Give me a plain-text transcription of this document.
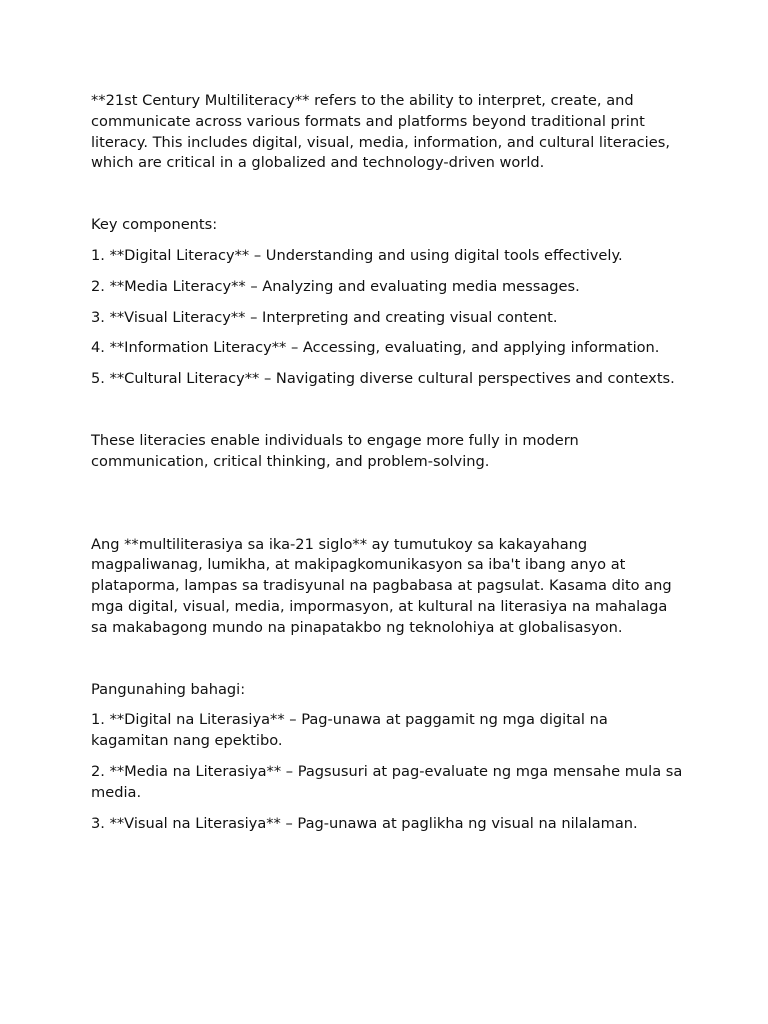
**21st Century Multiliteracy** refers to the ability to interpret, create, and communicate across various formats and platforms beyond traditional print literacy. This includes digital, visual, media, information, and cultural literacies, which are critical in a globalized and technology-driven world.

Key components:

1. **Digital Literacy** – Understanding and using digital tools effectively.

2. **Media Literacy** – Analyzing and evaluating media messages.

3. **Visual Literacy** – Interpreting and creating visual content.

4. **Information Literacy** – Accessing, evaluating, and applying information.

5. **Cultural Literacy** – Navigating diverse cultural perspectives and contexts.

These literacies enable individuals to engage more fully in modern communication, critical thinking, and problem-solving.

Ang **multiliterasiya sa ika-21 siglo** ay tumutukoy sa kakayahang magpaliwanag, lumikha, at makipagkomunikasyon sa iba't ibang anyo at plataporma, lampas sa tradisyunal na pagbabasa at pagsulat. Kasama dito ang mga digital, visual, media, impormasyon, at kultural na literasiya na mahalaga sa makabagong mundo na pinapatakbo ng teknolohiya at globalisasyon.

Pangunahing bahagi:

1. **Digital na Literasiya** – Pag-unawa at paggamit ng mga digital na kagamitan nang epektibo.

2. **Media na Literasiya** – Pagsusuri at pag-evaluate ng mga mensahe mula sa media.

3. **Visual na Literasiya** – Pag-unawa at paglikha ng visual na nilalaman.
